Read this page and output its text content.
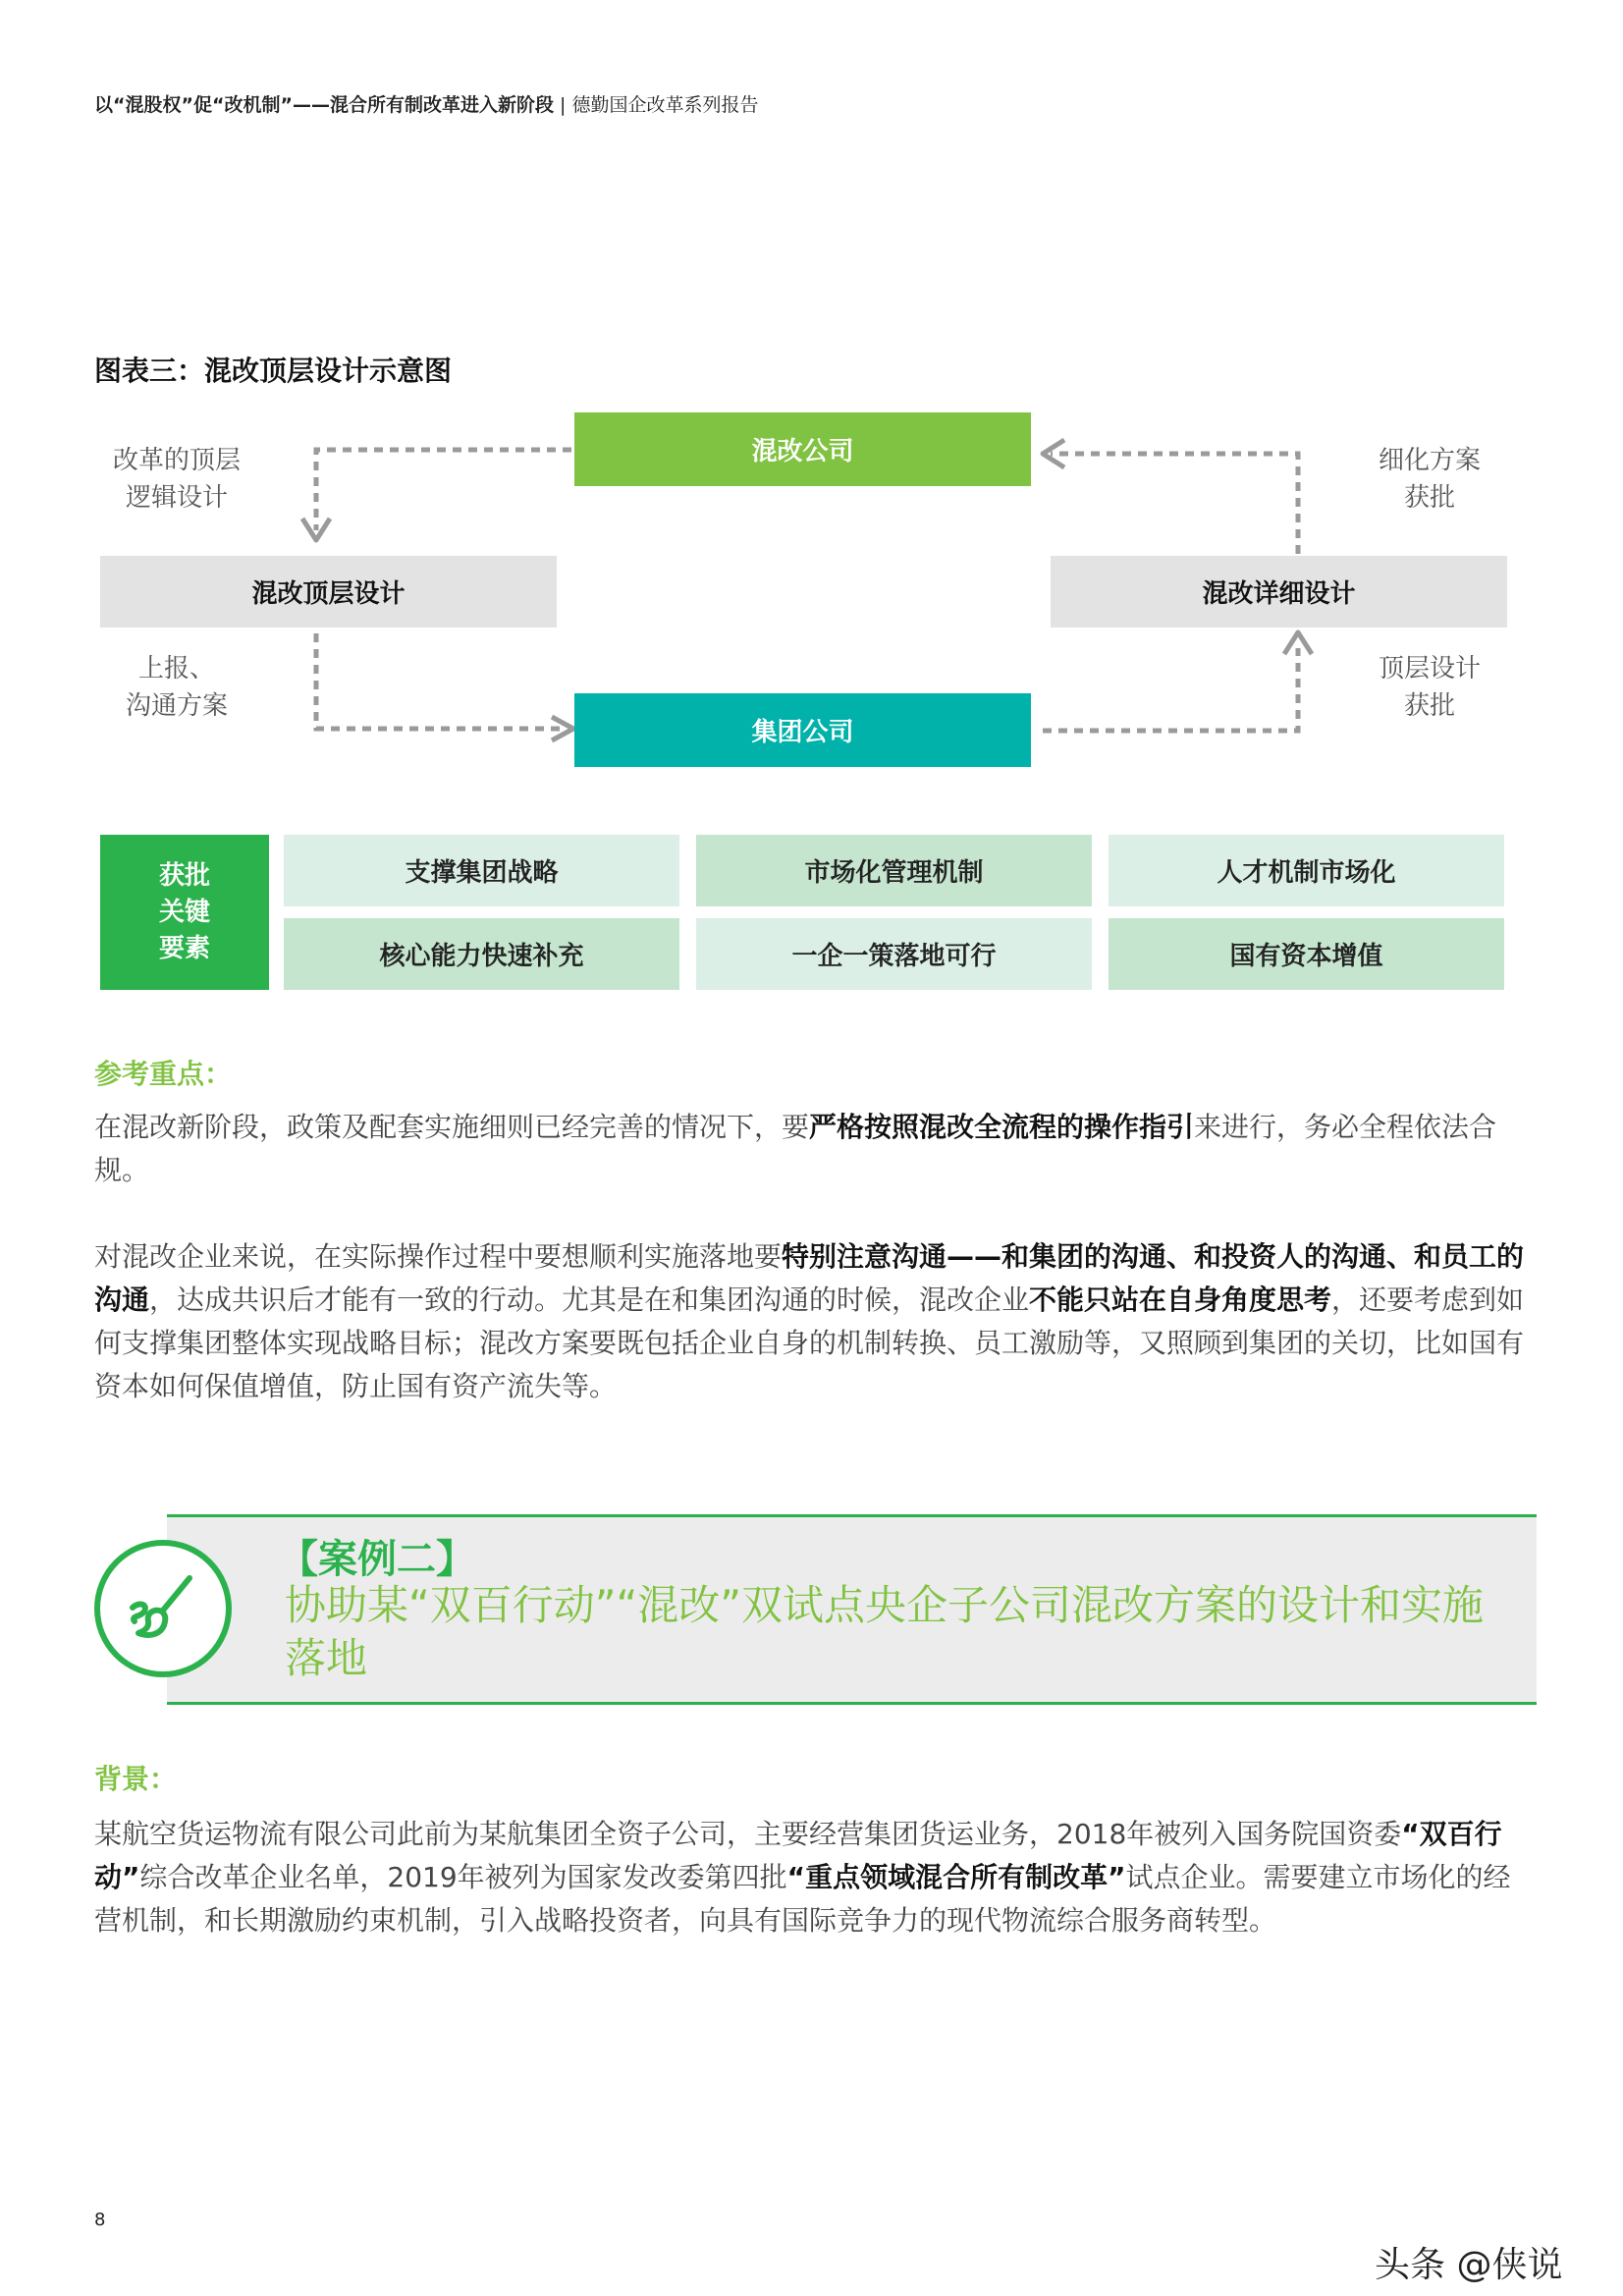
以“混股权”促“改机制”——混合所有制改革进入新阶段 | 德勤国企改革系列报告
图表三：混改顶层设计示意图
混改公司
混改顶层设计	混改详细设计
集团公司
改革的顶层
逻辑设计
细化方案
获批
上报、
沟通方案
顶层设计
获批
获批
关键
要素
支撑集团战略	市场化管理机制	人才机制市场化
核心能力快速补充	一企一策落地可行	国有资本增值
参考重点：
在混改新阶段，政策及配套实施细则已经完善的情况下，要严格按照混改全流程的操作指引来进行，务必全程依法合规。
对混改企业来说，在实际操作过程中要想顺利实施落地要特别注意沟通——和集团的沟通、和投资人的沟通、和员工的沟通，达成共识后才能有一致的行动。尤其是在和集团沟通的时候，混改企业不能只站在自身角度思考，还要考虑到如何支撑集团整体实现战略目标；混改方案要既包括企业自身的机制转换、员工激励等，又照顾到集团的关切，比如国有资本如何保值增值，防止国有资产流失等。
【案例二】
协助某“双百行动”“混改”双试点央企子公司混改方案的设计和实施落地
背景：
某航空货运物流有限公司此前为某航集团全资子公司，主要经营集团货运业务，2018年被列入国务院国资委“双百行动”综合改革企业名单，2019年被列为国家发改委第四批“重点领域混合所有制改革”试点企业。需要建立市场化的经营机制，和长期激励约束机制，引入战略投资者，向具有国际竞争力的现代物流综合服务商转型。
8
头条 @侠说
